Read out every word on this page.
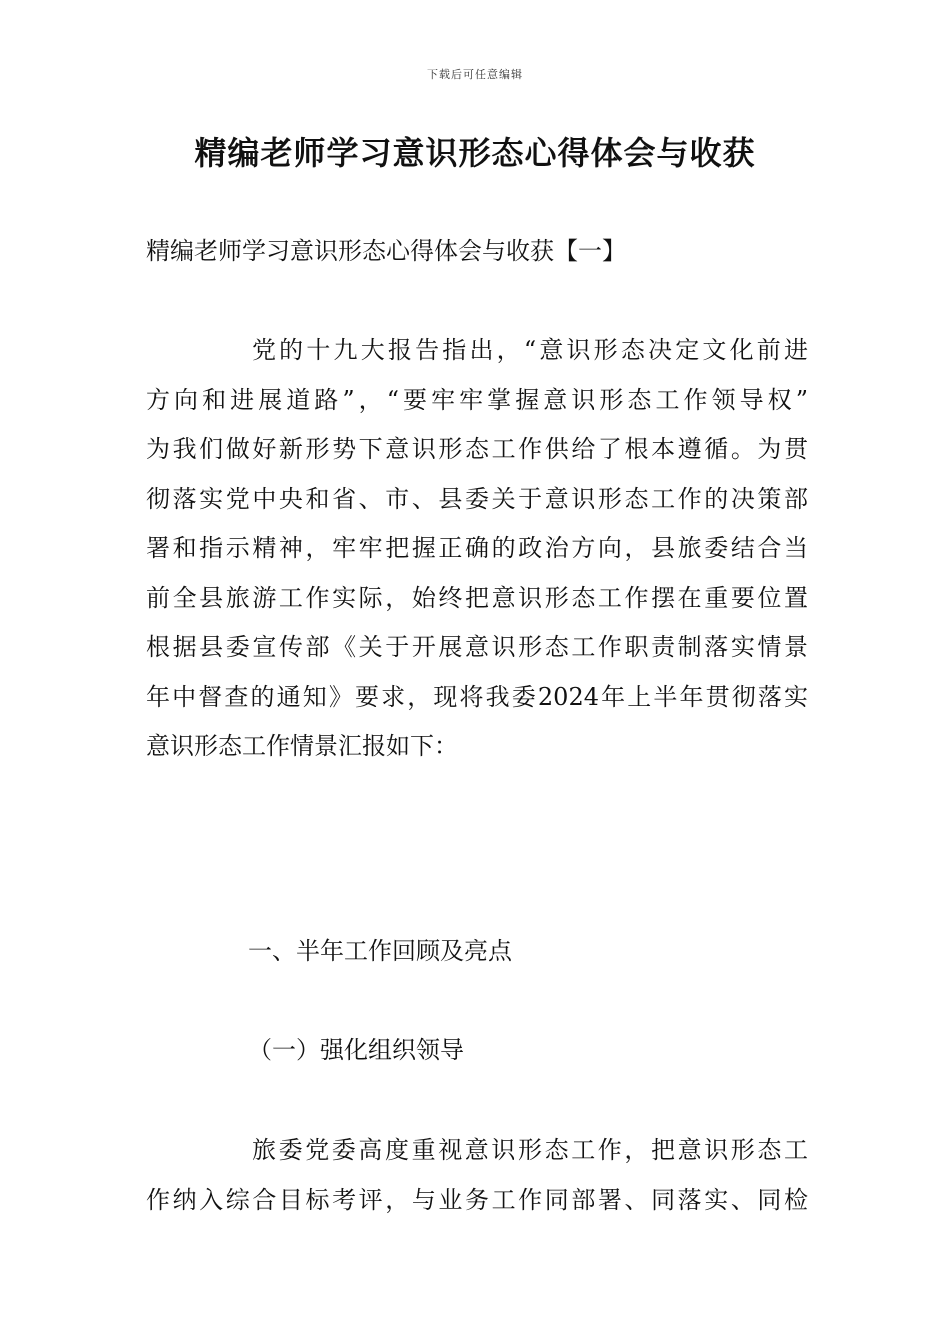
下载后可任意编辑
精编老师学习意识形态心得体会与收获

精编老师学习意识形态心得体会与收获【一】

党的十九大报告指出，“意识形态决定文化前进
方向和进展道路”，“要牢牢掌握意识形态工作领导权”
为我们做好新形势下意识形态工作供给了根本遵循。为贯
彻落实党中央和省、市、县委关于意识形态工作的决策部
署和指示精神，牢牢把握正确的政治方向，县旅委结合当
前全县旅游工作实际，始终把意识形态工作摆在重要位置
根据县委宣传部《关于开展意识形态工作职责制落实情景
年中督查的通知》要求，现将我委2024年上半年贯彻落实
意识形态工作情景汇报如下：

一、半年工作回顾及亮点

（一）强化组织领导

旅委党委高度重视意识形态工作，把意识形态工
作纳入综合目标考评，与业务工作同部署、同落实、同检
